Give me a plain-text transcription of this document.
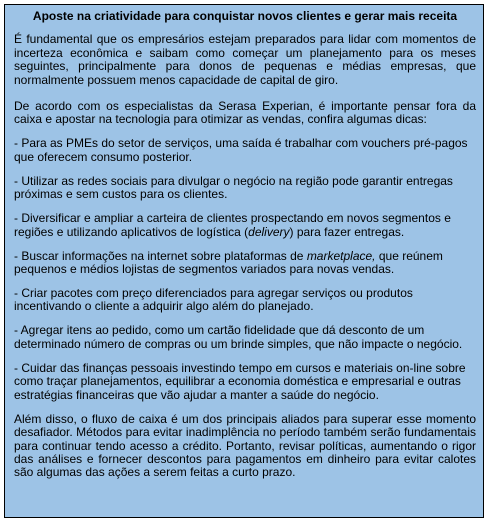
Aposte na criatividade para conquistar novos clientes e gerar mais receita

É fundamental que os empresários estejam preparados para lidar com momentos de incerteza econômica e saibam como começar um planejamento para os meses seguintes, principalmente para donos de pequenas e médias empresas, que normalmente possuem menos capacidade de capital de giro.

De acordo com os especialistas da Serasa Experian, é importante pensar fora da caixa e apostar na tecnologia para otimizar as vendas, confira algumas dicas:

- Para as PMEs do setor de serviços, uma saída é trabalhar com vouchers pré-pagos que oferecem consumo posterior.

- Utilizar as redes sociais para divulgar o negócio na região pode garantir entregas próximas e sem custos para os clientes.

- Diversificar e ampliar a carteira de clientes prospectando em novos segmentos e regiões e utilizando aplicativos de logística (delivery) para fazer entregas.

- Buscar informações na internet sobre plataformas de marketplace, que reúnem pequenos e médios lojistas de segmentos variados para novas vendas.

- Criar pacotes com preço diferenciados para agregar serviços ou produtos incentivando o cliente a adquirir algo além do planejado.

- Agregar itens ao pedido, como um cartão fidelidade que dá desconto de um determinado número de compras ou um brinde simples, que não impacte o negócio.

- Cuidar das finanças pessoais investindo tempo em cursos e materiais on-line sobre como traçar planejamentos, equilibrar a economia doméstica e empresarial e outras estratégias financeiras que vão ajudar a manter a saúde do negócio.

Além disso, o fluxo de caixa é um dos principais aliados para superar esse momento desafiador. Métodos para evitar inadimplência no período também serão fundamentais para continuar tendo acesso a crédito. Portanto, revisar políticas, aumentando o rigor das análises e fornecer descontos para pagamentos em dinheiro para evitar calotes são algumas das ações a serem feitas a curto prazo.
